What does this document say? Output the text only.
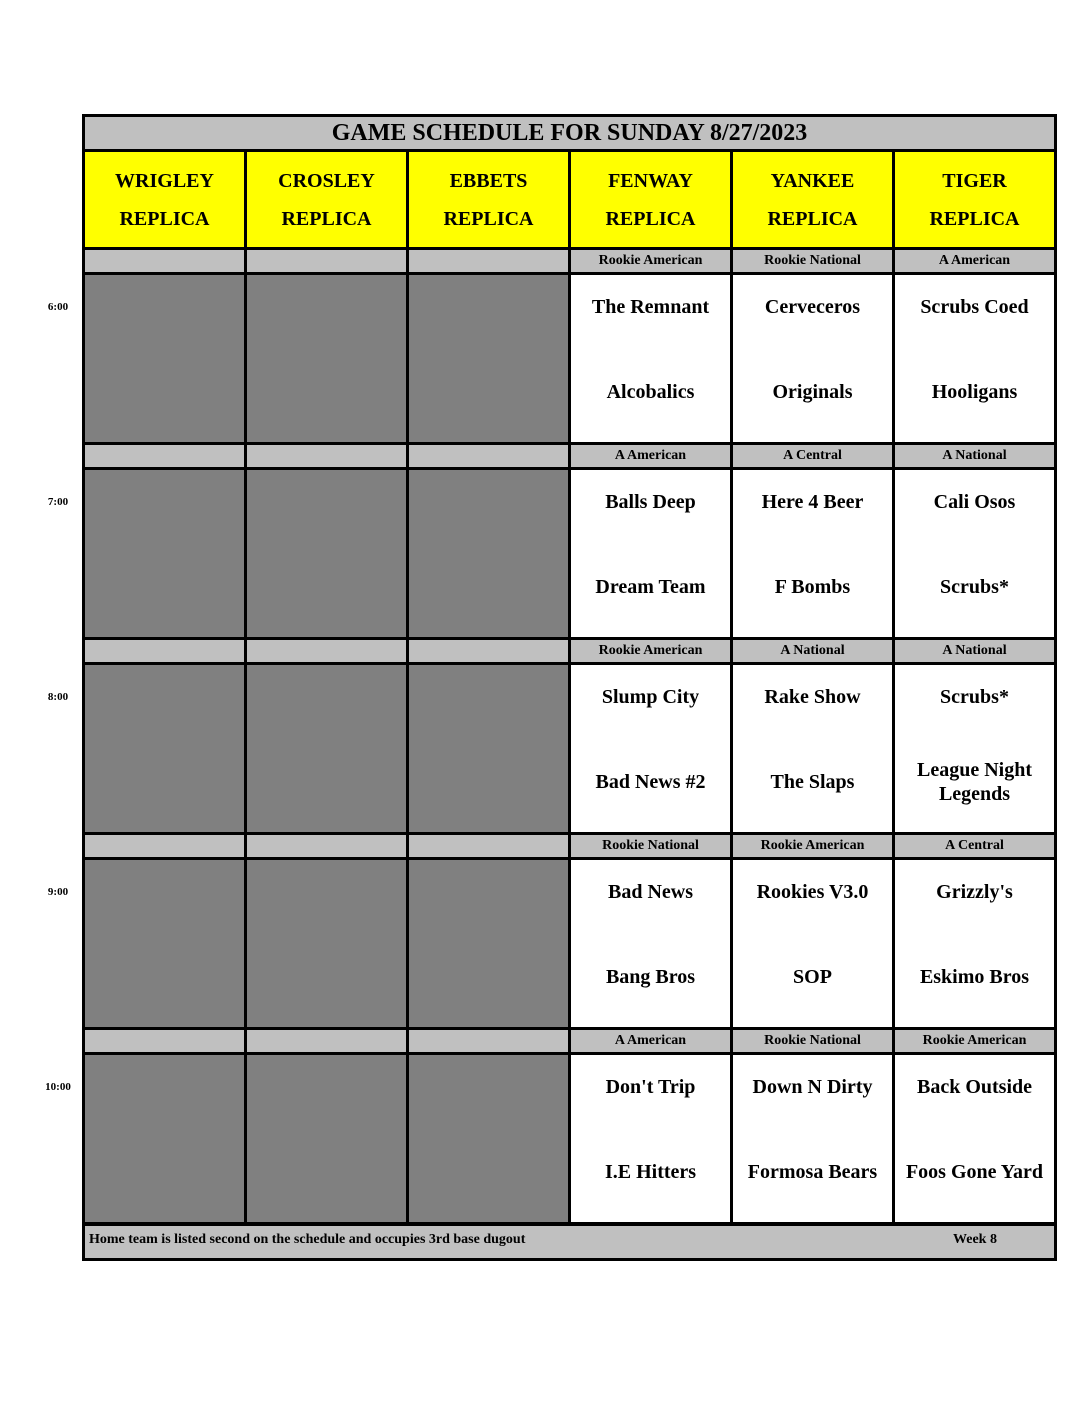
GAME SCHEDULE FOR SUNDAY 8/27/2023
Home team is listed second on the schedule and occupies 3rd base dugout	Week 8
WRIGLEY
REPLICA
CROSLEY
REPLICA
EBBETS
REPLICA
FENWAY
REPLICA
YANKEE
REPLICA
TIGER
REPLICA
Rookie American
The Remnant
Alcobalics
Rookie National
Cerveceros
Originals
A American
Scrubs Coed
Hooligans
A American
Balls Deep
Dream Team
A Central
Here 4 Beer
F Bombs
A National
Cali Osos
Scrubs*
Rookie American
Slump City
Bad News #2
A National
Rake Show
The Slaps
A National
Scrubs*
League Night Legends
Rookie National
Bad News
Bang Bros
Rookie American
Rookies V3.0
SOP
A Central
Grizzly's
Eskimo Bros
A American
Don't Trip
I.E Hitters
Rookie National
Down N Dirty
Formosa Bears
Rookie American
Back Outside
Foos Gone Yard
6:00
7:00
8:00
9:00
10:00
